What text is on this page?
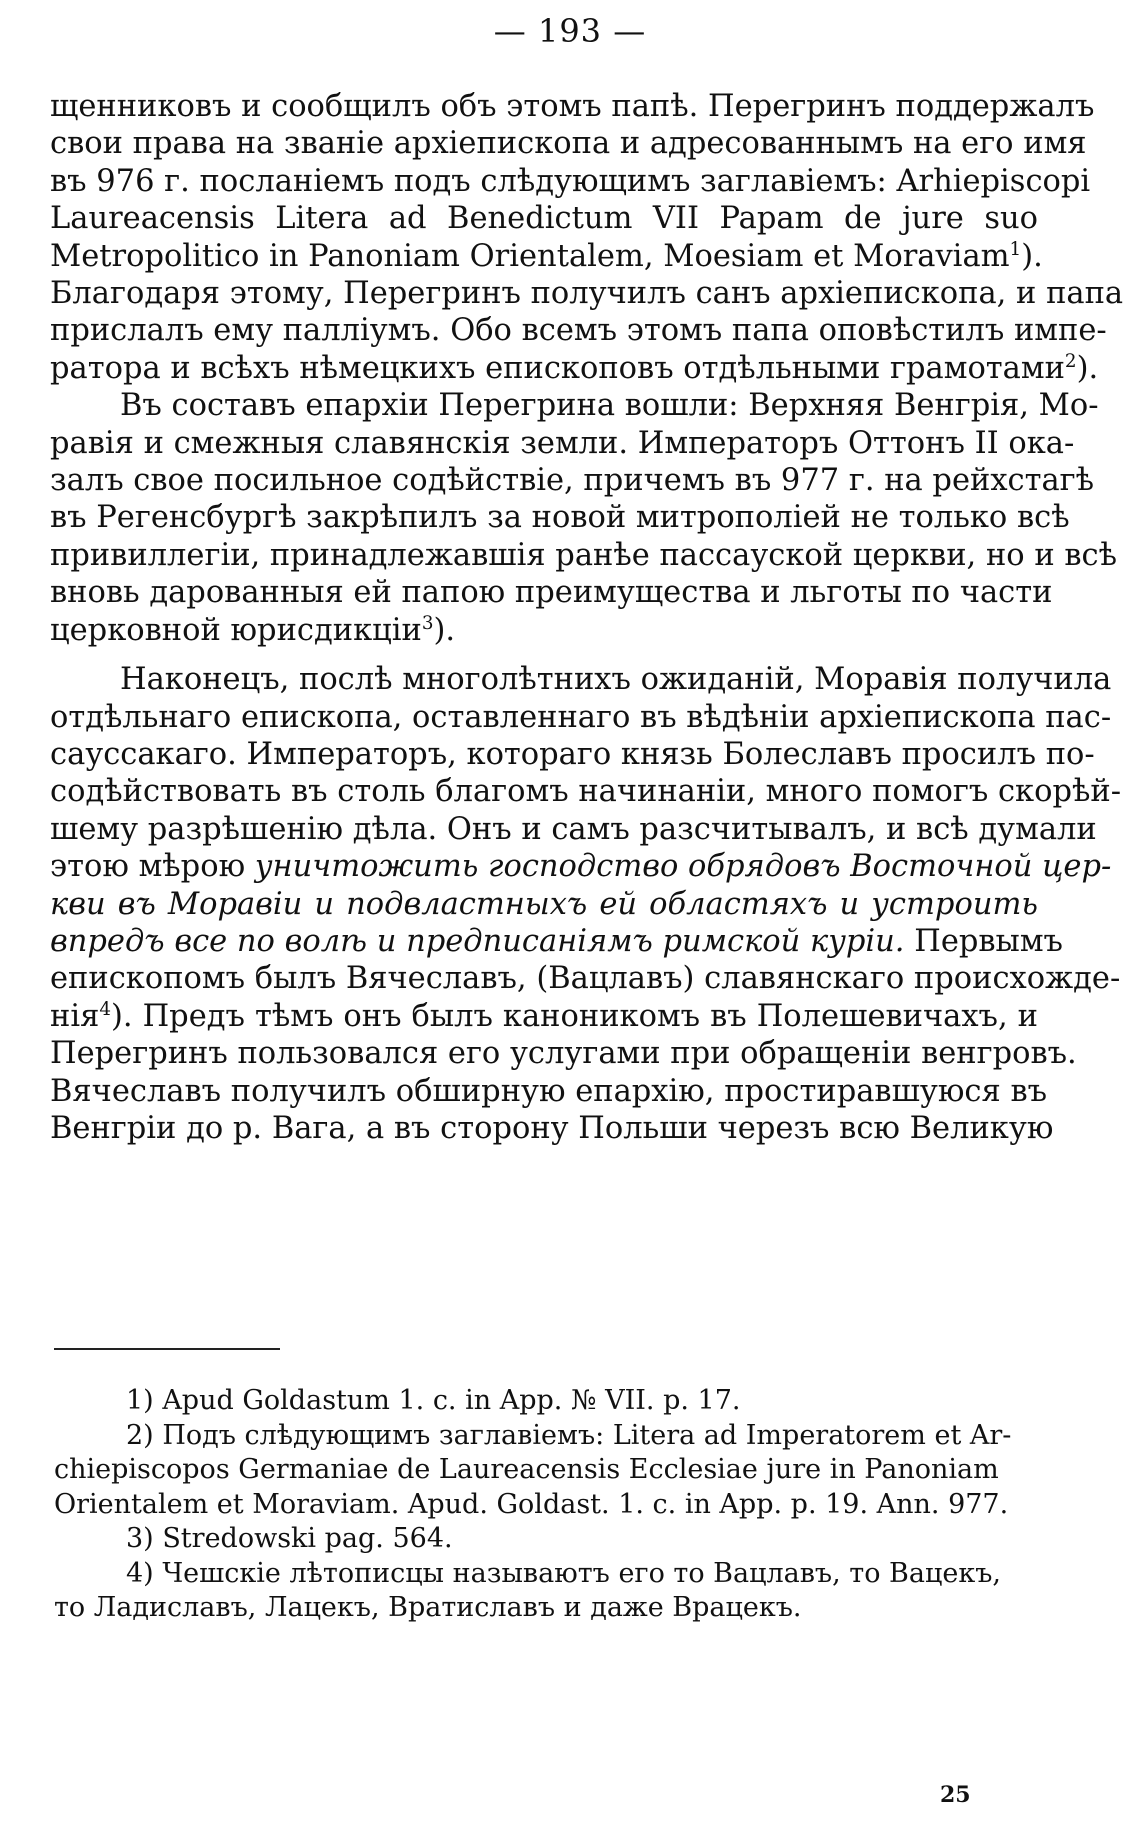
— 193 —
щенниковъ и сообщилъ объ этомъ папѣ. Перегринъ поддержалъ
свои права на званіе архіепископа и адресованнымъ на его имя
въ 976 г. посланіемъ подъ слѣдующимъ заглавіемъ: Arhiepiscopi
Laureacensis Litera ad Benedictum VII Papam de jure suo
Metropolitico in Panoniam Orientalem, Moesiam et Moraviam$^1$).
Благодаря этому, Перегринъ получилъ санъ архіепископа, и папа
прислалъ ему палліумъ. Обо всемъ этомъ папа оповѣстилъ импе-
ратора и всѣхъ нѣмецкихъ епископовъ отдѣльными грамотами$^2$).
Въ составъ епархіи Перегрина вошли: Верхняя Венгрія, Мо-
равія и смежныя славянскія земли. Императоръ Оттонъ II ока-
залъ свое посильное содѣйствіе, причемъ въ 977 г. на рейхстагѣ
въ Регенсбургѣ закрѣпилъ за новой митрополіей не только всѣ
привиллегіи, принадлежавшія ранѣе пассауской церкви, но и всѣ
вновь дарованныя ей папою преимущества и льготы по части
церковной юрисдикціи$^3$).
Наконецъ, послѣ многолѣтнихъ ожиданій, Моравія получила
отдѣльнаго епископа, оставленнаго въ вѣдѣніи архіепископа пас-
сауссакаго. Императоръ, котораго князь Болеславъ просилъ по-
содѣйствовать въ столь благомъ начинаніи, много помогъ скорѣй-
шему разрѣшенію дѣла. Онъ и самъ разсчитывалъ, и всѣ думали
этою мѣрою уничтожить господство обрядовъ Восточной цер-
кви въ Моравіи и подвластныхъ ей областяхъ и устроить
впредъ все по волѣ и предписаніямъ римской куріи. Первымъ
епископомъ былъ Вячеславъ, (Вацлавъ) славянскаго происхожде-
нія$^4$). Предъ тѣмъ онъ былъ каноникомъ въ Полешевичахъ, и
Перегринъ пользовался его услугами при обращеніи венгровъ.
Вячеславъ получилъ обширную епархію, простиравшуюся въ
Венгріи до р. Вага, а въ сторону Польши черезъ всю Великую
1) Apud Goldastum 1. c. in App. № VII. p. 17.
2) Подъ слѣдующимъ заглавіемъ: Litera ad Imperatorem et Ar-
chiepiscopos Germaniae de Laureacensis Ecclesiae jure in Panoniam
Orientalem et Moraviam. Apud. Goldast. 1. c. in App. p. 19. Ann. 977.
3) Stredowski pag. 564.
4) Чешскіе лѣтописцы называютъ его то Вацлавъ, то Вацекъ,
то Ладиславъ, Лацекъ, Вратиславъ и даже Врацекъ.
25
